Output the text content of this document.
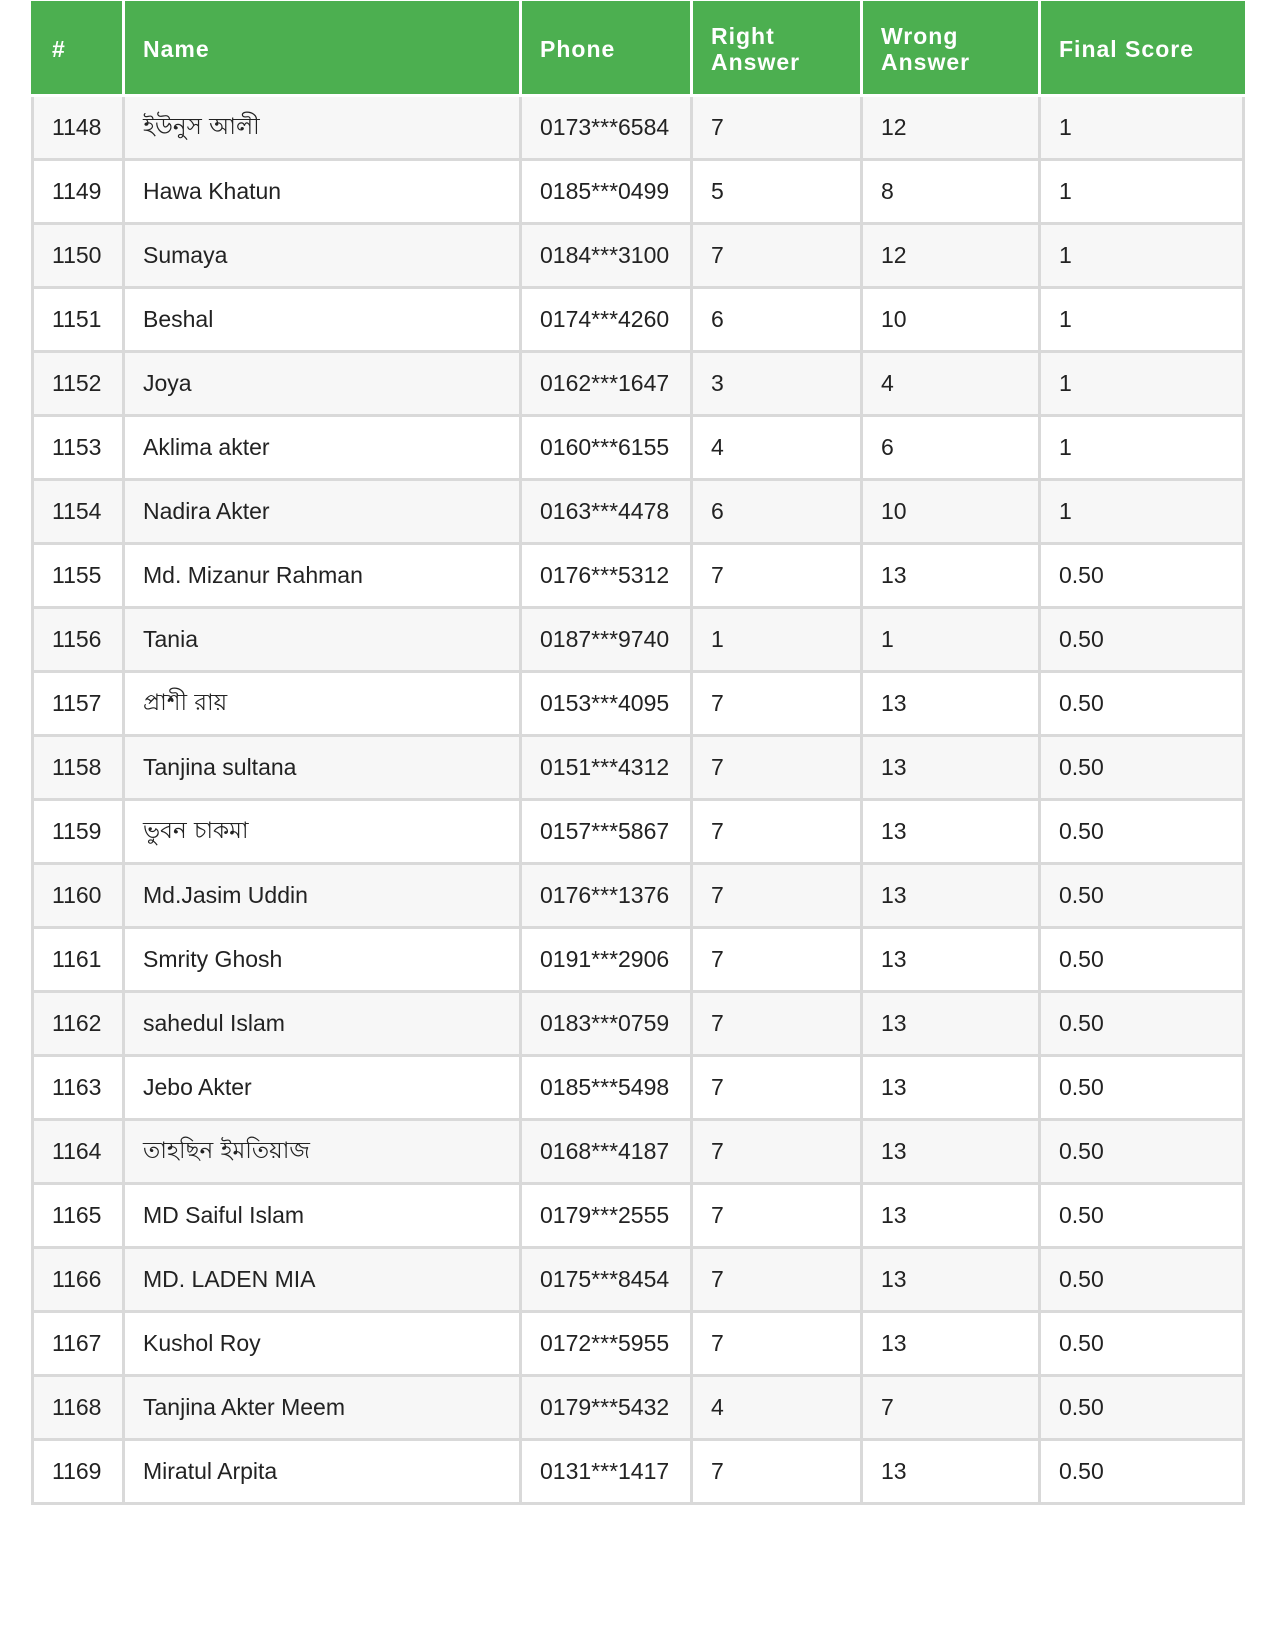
#	Name	Phone	Right Answer	Wrong Answer	Final Score
1148	ইউনুস আলী	0173***6584	7	12	1
1149	Hawa Khatun	0185***0499	5	8	1
1150	Sumaya	0184***3100	7	12	1
1151	Beshal	0174***4260	6	10	1
1152	Joya	0162***1647	3	4	1
1153	Aklima akter	0160***6155	4	6	1
1154	Nadira Akter	0163***4478	6	10	1
1155	Md. Mizanur Rahman	0176***5312	7	13	0.50
1156	Tania	0187***9740	1	1	0.50
1157	প্রাশী রায়	0153***4095	7	13	0.50
1158	Tanjina sultana	0151***4312	7	13	0.50
1159	ভুবন চাকমা	0157***5867	7	13	0.50
1160	Md.Jasim Uddin	0176***1376	7	13	0.50
1161	Smrity Ghosh	0191***2906	7	13	0.50
1162	sahedul Islam	0183***0759	7	13	0.50
1163	Jebo Akter	0185***5498	7	13	0.50
1164	তাহছিন ইমতিয়াজ	0168***4187	7	13	0.50
1165	MD Saiful Islam	0179***2555	7	13	0.50
1166	MD. LADEN MIA	0175***8454	7	13	0.50
1167	Kushol Roy	0172***5955	7	13	0.50
1168	Tanjina Akter Meem	0179***5432	4	7	0.50
1169	Miratul Arpita	0131***1417	7	13	0.50
